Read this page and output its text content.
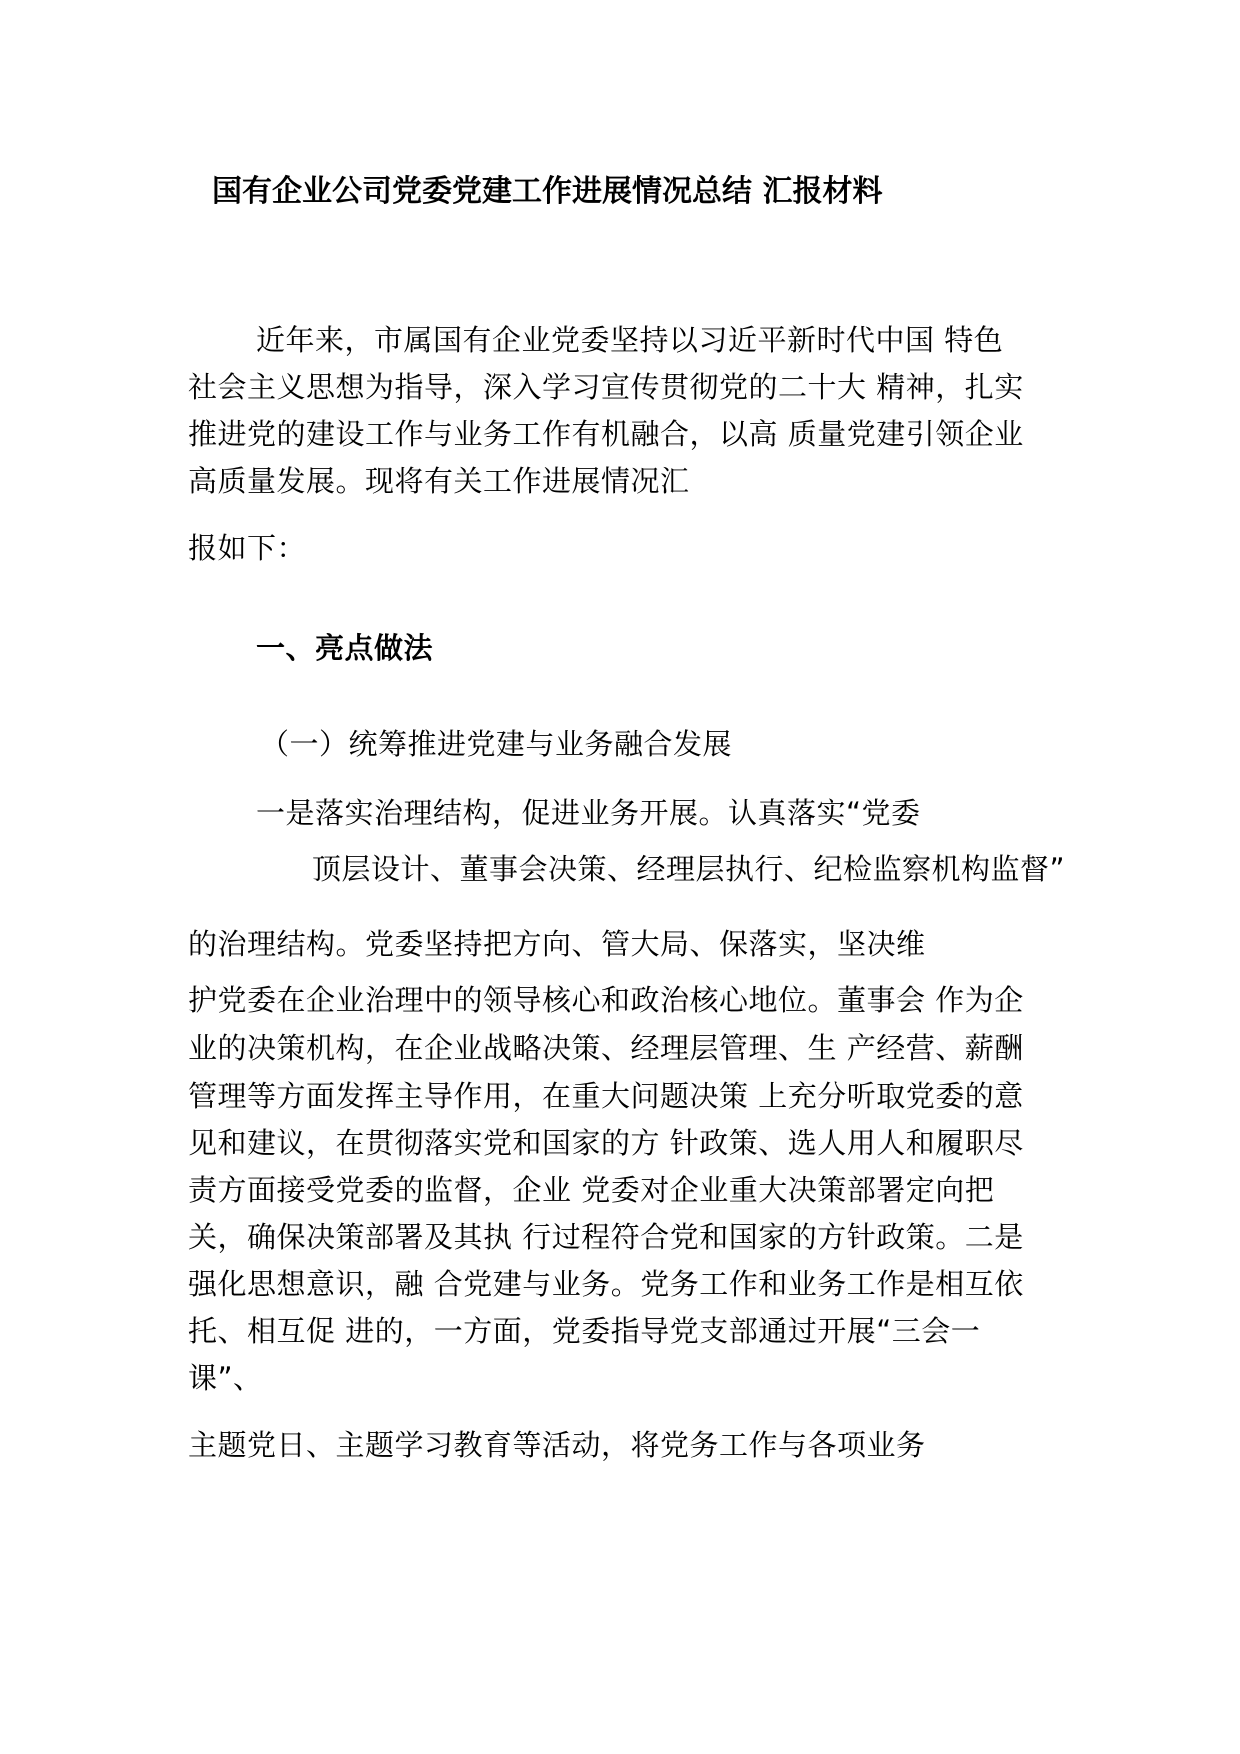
国有企业公司党委党建工作进展情况总结 汇报材料
近年来，市属国有企业党委坚持以习近平新时代中国 特色
社会主义思想为指导，深入学习宣传贯彻党的二十大 精神，扎实
推进党的建设工作与业务工作有机融合，以高 质量党建引领企业
高质量发展。现将有关工作进展情况汇
报如下：
一、亮点做法
（一）统筹推进党建与业务融合发展
一是落实治理结构，促进业务开展。认真落实“党委
顶层设计、董事会决策、经理层执行、纪检监察机构监督”
的治理结构。党委坚持把方向、管大局、保落实，坚决维
护党委在企业治理中的领导核心和政治核心地位。董事会 作为企
业的决策机构，在企业战略决策、经理层管理、生 产经营、薪酬
管理等方面发挥主导作用，在重大问题决策 上充分听取党委的意
见和建议，在贯彻落实党和国家的方 针政策、选人用人和履职尽
责方面接受党委的监督，企业 党委对企业重大决策部署定向把
关，确保决策部署及其执 行过程符合党和国家的方针政策。二是
强化思想意识，融 合党建与业务。党务工作和业务工作是相互依
托、相互促 进的，一方面，党委指导党支部通过开展“三会一
课”、
主题党日、主题学习教育等活动，将党务工作与各项业务
